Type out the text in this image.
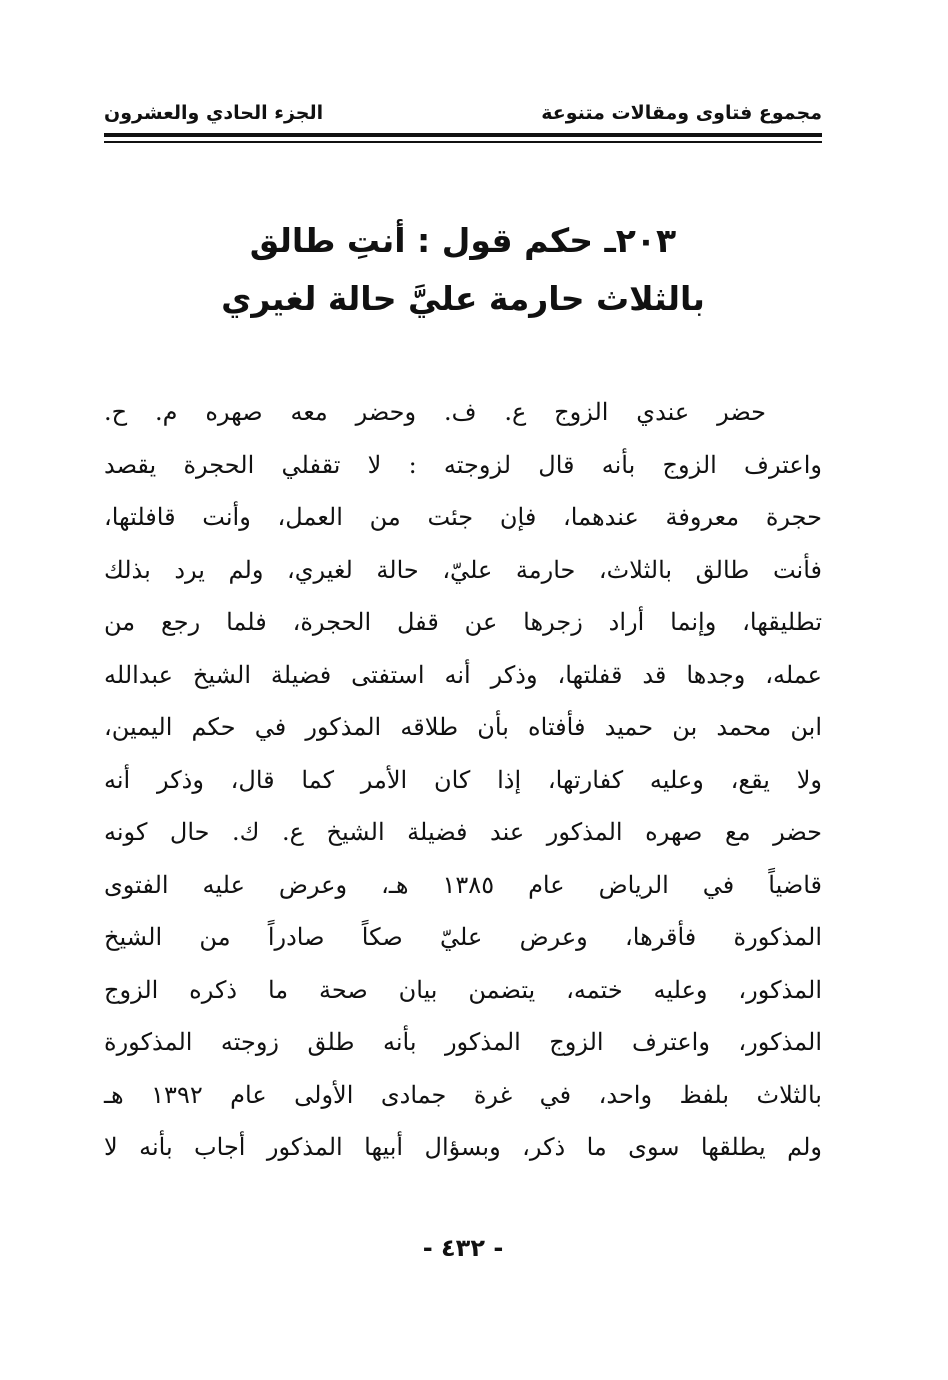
مجموع فتاوى ومقالات متنوعة
الجزء الحادي والعشرون
٢٠٣ـ حكم قول : أنتِ طالق
بالثلاث حارمة عليَّ حالة لغيري
حضر عندي الزوج ع. ف. وحضر معه صهره م. ح.
واعترف الزوج بأنه قال لزوجته : لا تقفلي الحجرة يقصد
حجرة معروفة عندهما، فإن جئت من العمل، وأنت قافلتها،
فأنت طالق بالثلاث، حارمة عليّ، حالة لغيري، ولم يرد بذلك
تطليقها، وإنما أراد زجرها عن قفل الحجرة، فلما رجع من
عمله، وجدها قد قفلتها، وذكر أنه استفتى فضيلة الشيخ عبدالله
ابن محمد بن حميد فأفتاه بأن طلاقه المذكور في حكم اليمين،
ولا يقع، وعليه كفارتها، إذا كان الأمر كما قال، وذكر أنه
حضر مع صهره المذكور عند فضيلة الشيخ ع. ك. حال كونه
قاضياً في الرياض عام ١٣٨٥ هـ، وعرض عليه الفتوى
المذكورة فأقرها، وعرض عليّ صكاً صادراً من الشيخ
المذكور، وعليه ختمه، يتضمن بيان صحة ما ذكره الزوج
المذكور، واعترف الزوج المذكور بأنه طلق زوجته المذكورة
بالثلاث بلفظ واحد، في غرة جمادى الأولى عام ١٣٩٢ هـ
ولم يطلقها سوى ما ذكر، وبسؤال أبيها المذكور أجاب بأنه لا
- ٤٣٢ -
